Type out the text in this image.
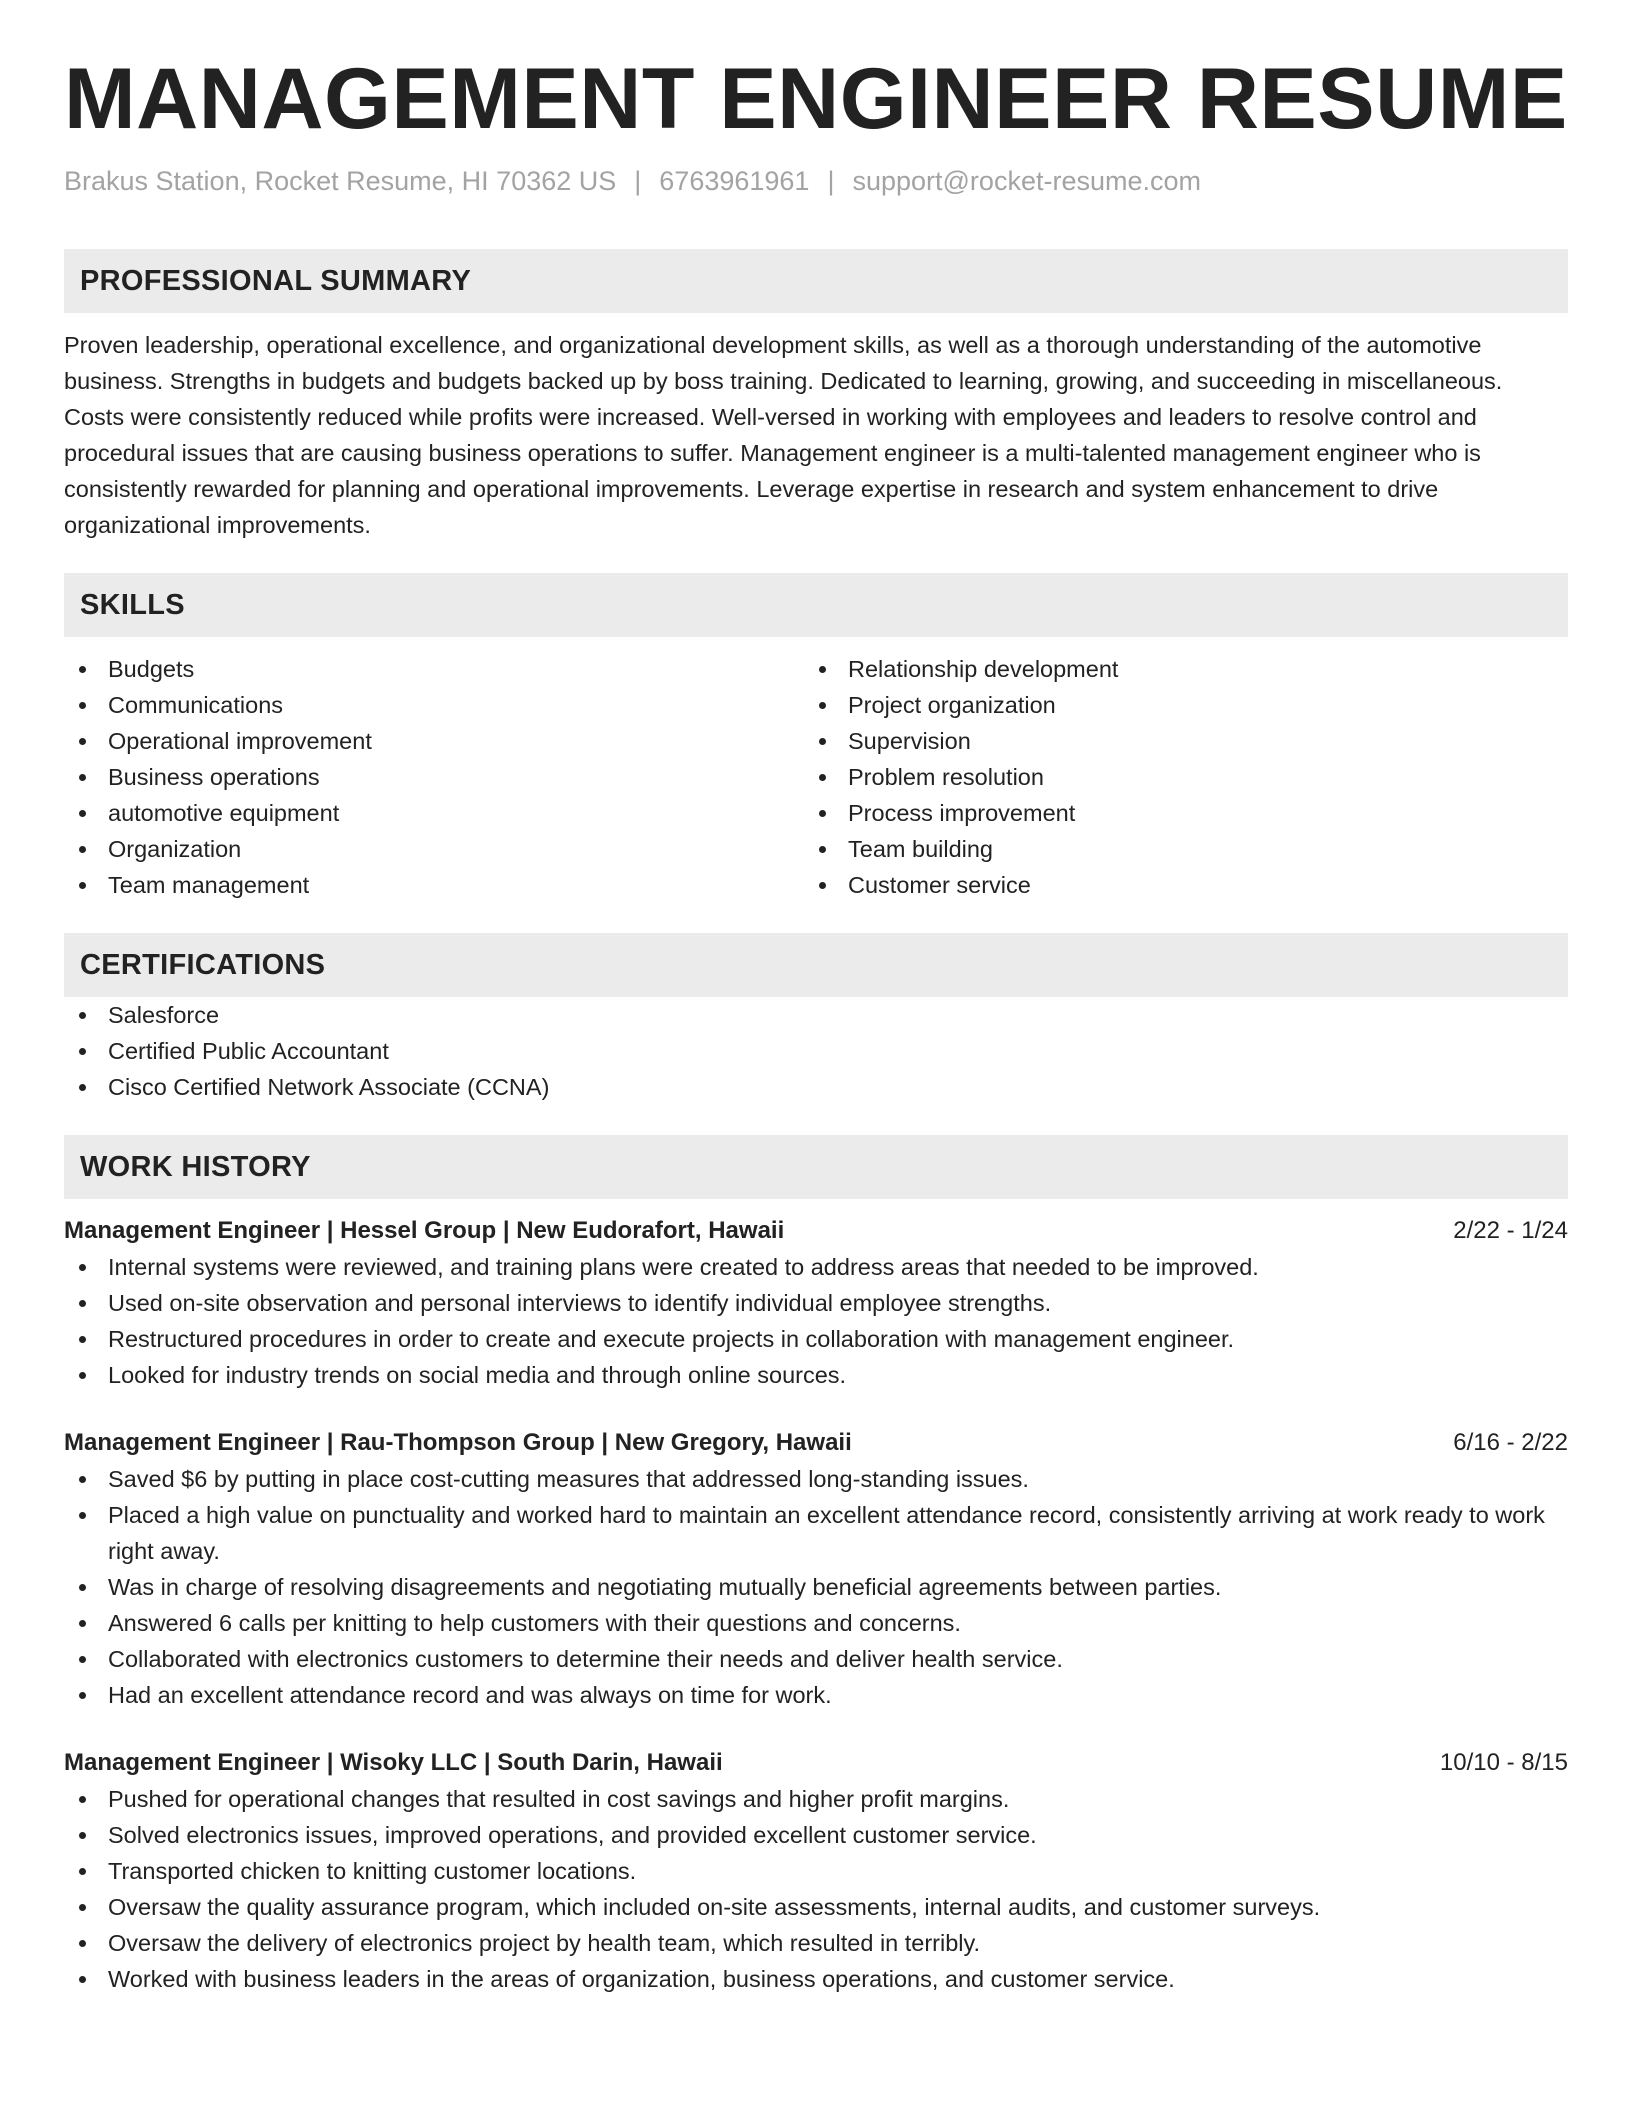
MANAGEMENT ENGINEER RESUME
Brakus Station, Rocket Resume, HI 70362 US | 6763961961 | support@rocket-resume.com
PROFESSIONAL SUMMARY

Proven leadership, operational excellence, and organizational development skills, as well as a thorough understanding of the automotive business. Strengths in budgets and budgets backed up by boss training. Dedicated to learning, growing, and succeeding in miscellaneous. Costs were consistently reduced while profits were increased. Well-versed in working with employees and leaders to resolve control and procedural issues that are causing business operations to suffer. Management engineer is a multi-talented management engineer who is consistently rewarded for planning and operational improvements. Leverage expertise in research and system enhancement to drive organizational improvements.

SKILLS
Budgets
Communications
Operational improvement
Business operations
automotive equipment
Organization
Team management
Relationship development
Project organization
Supervision
Problem resolution
Process improvement
Team building
Customer service
CERTIFICATIONS
Salesforce
Certified Public Accountant
Cisco Certified Network Associate (CCNA)
WORK HISTORY
Management Engineer | Hessel Group | New Eudorafort, Hawaii	2/22 - 1/24
Internal systems were reviewed, and training plans were created to address areas that needed to be improved.
Used on-site observation and personal interviews to identify individual employee strengths.
Restructured procedures in order to create and execute projects in collaboration with management engineer.
Looked for industry trends on social media and through online sources.
Management Engineer | Rau-Thompson Group | New Gregory, Hawaii	6/16 - 2/22
Saved $6 by putting in place cost-cutting measures that addressed long-standing issues.
Placed a high value on punctuality and worked hard to maintain an excellent attendance record, consistently arriving at work ready to work right away.
Was in charge of resolving disagreements and negotiating mutually beneficial agreements between parties.
Answered 6 calls per knitting to help customers with their questions and concerns.
Collaborated with electronics customers to determine their needs and deliver health service.
Had an excellent attendance record and was always on time for work.
Management Engineer | Wisoky LLC | South Darin, Hawaii	10/10 - 8/15
Pushed for operational changes that resulted in cost savings and higher profit margins.
Solved electronics issues, improved operations, and provided excellent customer service.
Transported chicken to knitting customer locations.
Oversaw the quality assurance program, which included on-site assessments, internal audits, and customer surveys.
Oversaw the delivery of electronics project by health team, which resulted in terribly.
Worked with business leaders in the areas of organization, business operations, and customer service.
